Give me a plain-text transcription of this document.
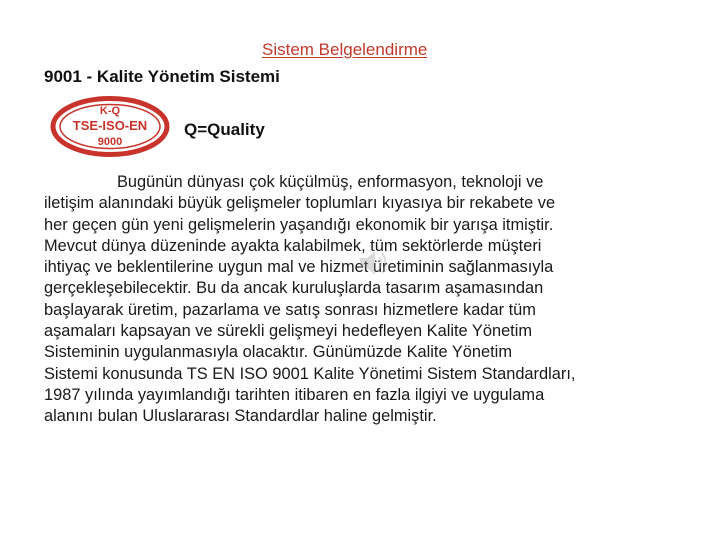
Sistem Belgelendirme
9001 - Kalite Yönetim Sistemi
K-Q
TSE-ISO-EN
9000
Q=Quality
Bugünün dünyası çok küçülmüş, enformasyon, teknoloji ve
iletişim alanındaki büyük gelişmeler toplumları kıyasıya bir rekabete ve
her geçen gün yeni gelişmelerin yaşandığı ekonomik bir yarışa itmiştir.
Mevcut dünya düzeninde ayakta kalabilmek, tüm sektörlerde müşteri
ihtiyaç ve beklentilerine uygun mal ve hizmet üretiminin sağlanmasıyla
gerçekleşebilecektir. Bu da ancak kuruluşlarda tasarım aşamasından
başlayarak üretim, pazarlama ve satış sonrası hizmetlere kadar tüm
aşamaları kapsayan ve sürekli gelişmeyi hedefleyen Kalite Yönetim
Sisteminin uygulanmasıyla olacaktır. Günümüzde Kalite Yönetim
Sistemi konusunda TS EN ISO 9001 Kalite Yönetimi Sistem Standardları,
1987 yılında yayımlandığı tarihten itibaren en fazla ilgiyi ve uygulama
alanını bulan Uluslararası Standardlar haline gelmiştir.
